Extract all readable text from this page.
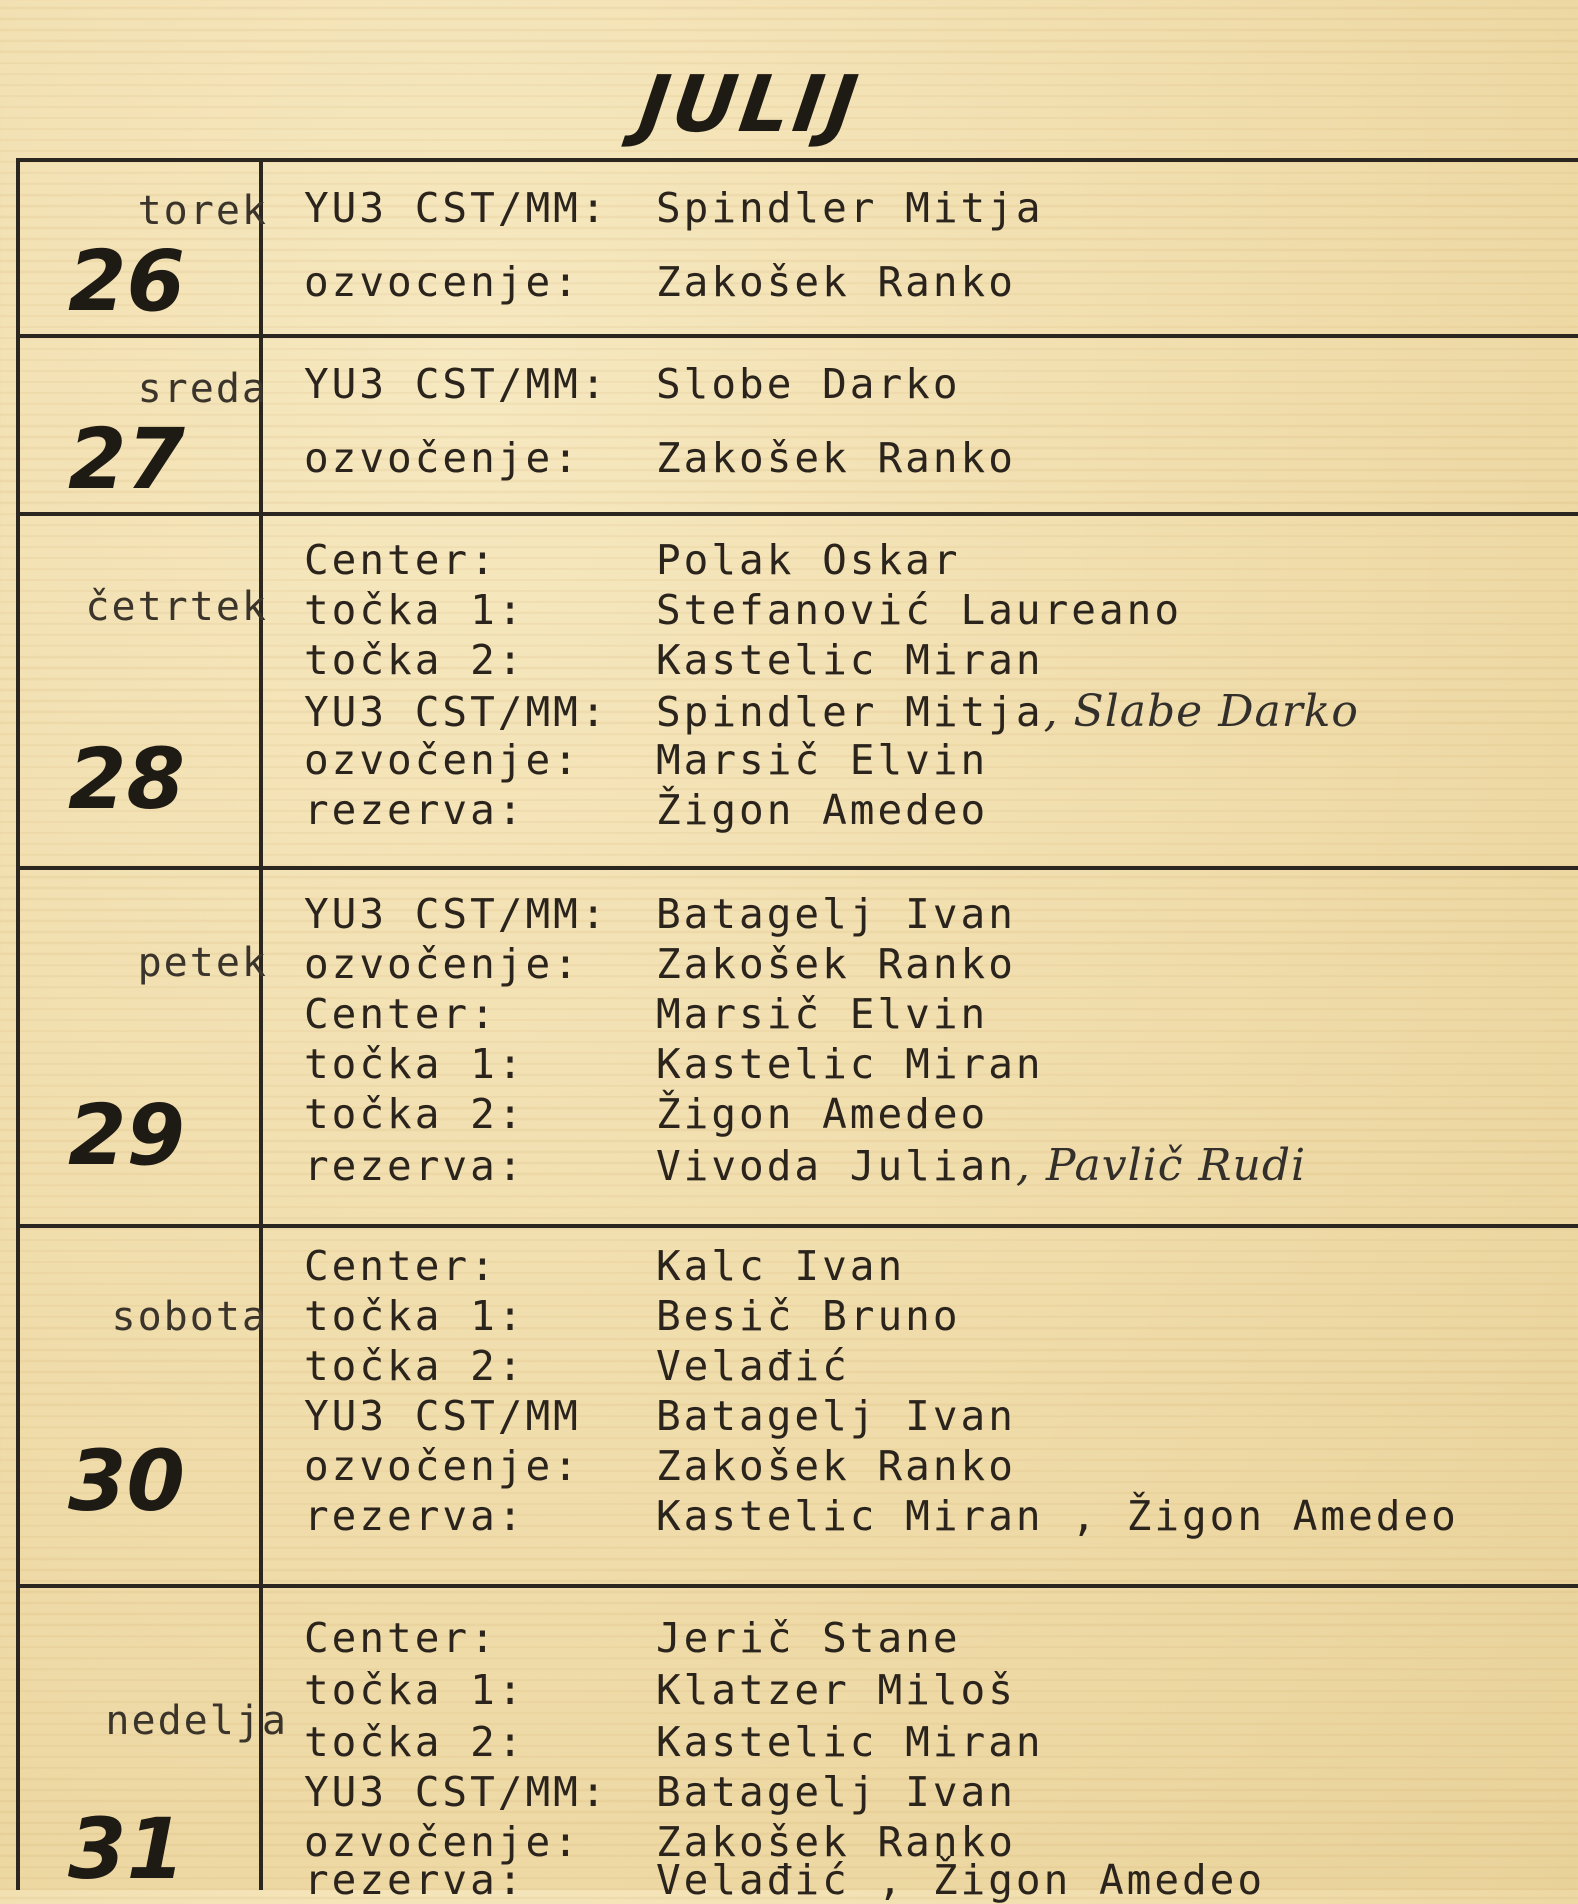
JULIJ
torek
26
YU3 CST/MM: Spindler Mitja
ozvocenje: Zakošek Ranko
sreda
27
YU3 CST/MM: Slobe Darko
ozvočenje: Zakošek Ranko
četrtek
28
Center:	Polak Oskar
točka 1:	Stefanović Laureano
točka 2:	Kastelic Miran
YU3 CST/MM: Spindler Mitja, Slabe Darko
ozvočenje: Marsič Elvin
rezerva:	Žigon Amedeo
petek
29
YU3 CST/MM: Batagelj Ivan
ozvočenje: Zakošek Ranko
Center:	Marsič Elvin
točka 1:	Kastelic Miran
točka 2:	Žigon Amedeo
rezerva:	Vivoda Julian, Pavlič Rudi
sobota
30
Center:	Kalc Ivan
točka 1:	Besič Bruno
točka 2:	Velađić
YU3 CST/MM Batagelj Ivan
ozvočenje: Zakošek Ranko
rezerva:	Kastelic Miran , Žigon Amedeo
nedelja
31
Center:	Jerič Stane
točka 1:	Klatzer Miloš
točka 2:	Kastelic Miran
YU3 CST/MM: Batagelj Ivan
ozvočenje: Zakošek Ranko
rezerva:	Velađić , Žigon Amedeo
